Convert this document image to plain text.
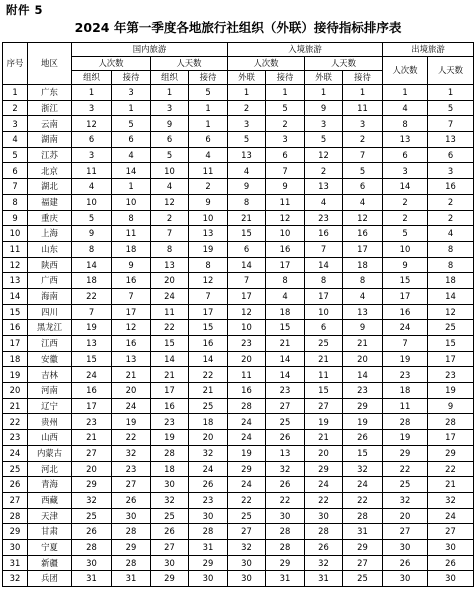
附件 5
2024 年第一季度各地旅行社组织（外联）接待指标排序表
序号	地区	国内旅游				入境旅游				出境旅游	
		人次数		人天数		人次数		人天数		人次数	人天数
		组织	接待	组织	接待	外联	接待	外联	接待		
1	广东	1	3	1	5	1	1	1	1	1	1
2	浙江	3	1	3	1	2	5	9	11	4	5
3	云南	12	5	9	1	3	2	3	3	8	7
4	湖南	6	6	6	6	5	3	5	2	13	13
5	江苏	3	4	5	4	13	6	12	7	6	6
6	北京	11	14	10	11	4	7	2	5	3	3
7	湖北	4	1	4	2	9	9	13	6	14	16
8	福建	10	10	12	9	8	11	4	4	2	2
9	重庆	5	8	2	10	21	12	23	12	2	2
10	上海	9	11	7	13	15	10	16	16	5	4
11	山东	8	18	8	19	6	16	7	17	10	8
12	陕西	14	9	13	8	14	17	14	18	9	8
13	广西	18	16	20	12	7	8	8	8	15	18
14	海南	22	7	24	7	17	4	17	4	17	14
15	四川	7	17	11	17	12	18	10	13	16	12
16	黑龙江	19	12	22	15	10	15	6	9	24	25
17	江西	13	16	15	16	23	21	25	21	7	15
18	安徽	15	13	14	14	20	14	21	20	19	17
19	吉林	24	21	21	22	11	14	11	14	23	23
20	河南	16	20	17	21	16	23	15	23	18	19
21	辽宁	17	24	16	25	28	27	27	29	11	9
22	贵州	23	19	23	18	24	25	19	19	28	28
23	山西	21	22	19	20	24	26	21	26	19	17
24	内蒙古	27	32	28	32	19	13	20	15	29	29
25	河北	20	23	18	24	29	32	29	32	22	22
26	青海	29	27	30	26	24	26	24	24	25	21
27	西藏	32	26	32	23	22	22	22	22	32	32
28	天津	25	30	25	30	25	30	30	28	20	24
29	甘肃	26	28	26	28	27	28	28	31	27	27
30	宁夏	28	29	27	31	32	28	26	29	30	30
31	新疆	30	28	30	29	30	29	32	27	26	26
32	兵团	31	31	29	30	30	31	31	25	30	30
